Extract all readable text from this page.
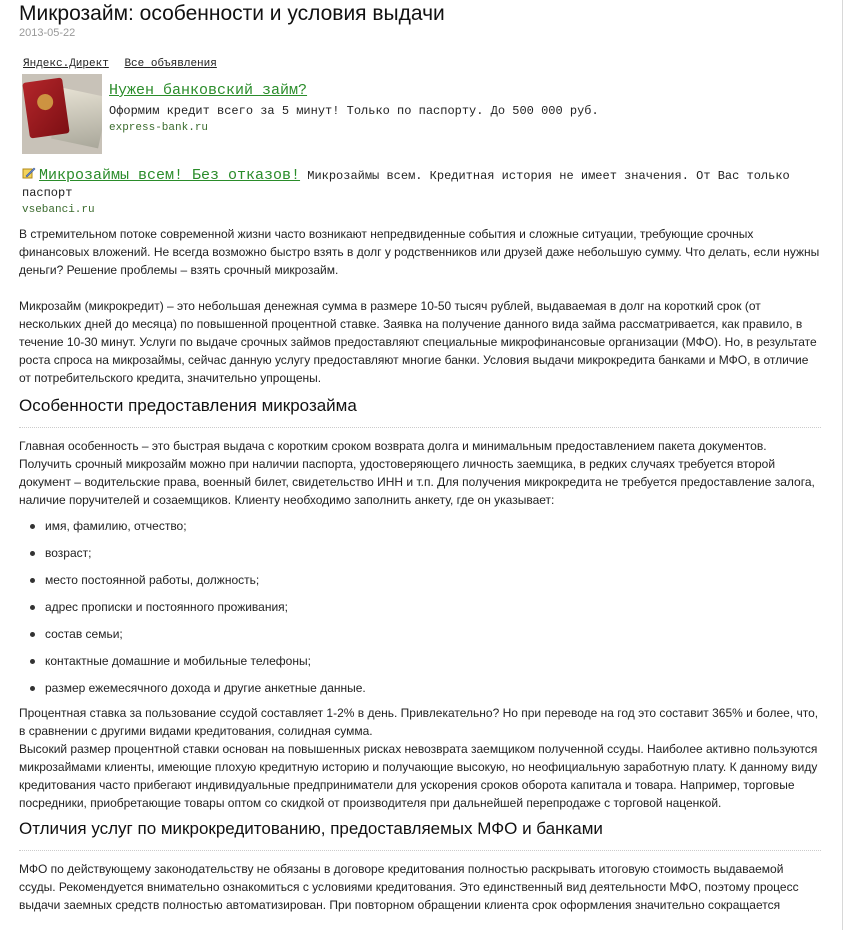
Микрозайм: особенности и условия выдачи
2013-05-22
Яндекс.Директ Все объявления
Нужен банковский займ?
Оформим кредит всего за 5 минут! Только по паспорту. До 500 000 руб.
express-bank.ru
Микрозаймы всем! Без отказов! Микрозаймы всем. Кредитная история не имеет значения. От Вас только паспорт
vsebanci.ru

В стремительном потоке современной жизни часто возникают непредвиденные события и сложные ситуации, требующие срочных финансовых вложений. Не всегда возможно быстро взять в долг у родственников или друзей даже небольшую сумму. Что делать, если нужны деньги? Решение проблемы – взять срочный микрозайм.

Микрозайм (микрокредит) – это небольшая денежная сумма в размере 10-50 тысяч рублей, выдаваемая в долг на короткий срок (от нескольких дней до месяца) по повышенной процентной ставке. Заявка на получение данного вида займа рассматривается, как правило, в течение 10-30 минут. Услуги по выдаче срочных займов предоставляют специальные микрофинансовые организации (МФО). Но, в результате роста спроса на микрозаймы, сейчас данную услугу предоставляют многие банки. Условия выдачи микрокредита банками и МФО, в отличие от потребительского кредита, значительно упрощены.

Особенности предоставления микрозайма

Главная особенность – это быстрая выдача с коротким сроком возврата долга и минимальным предоставлением пакета документов. Получить срочный микрозайм можно при наличии паспорта, удостоверяющего личность заемщика, в редких случаях требуется второй документ – водительские права, военный билет, свидетельство ИНН и т.п. Для получения микрокредита не требуется предоставление залога, наличие поручителей и созаемщиков. Клиенту необходимо заполнить анкету, где он указывает:

имя, фамилию, отчество;
возраст;
место постоянной работы, должность;
адрес прописки и постоянного проживания;
состав семьи;
контактные домашние и мобильные телефоны;
размер ежемесячного дохода и другие анкетные данные.

Процентная ставка за пользование ссудой составляет 1-2% в день. Привлекательно? Но при переводе на год это составит 365% и более, что, в сравнении с другими видами кредитования, солидная сумма.

Высокий размер процентной ставки основан на повышенных рисках невозврата заемщиком полученной ссуды. Наиболее активно пользуются микрозаймами клиенты, имеющие плохую кредитную историю и получающие высокую, но неофициальную заработную плату. К данному виду кредитования часто прибегают индивидуальные предприниматели для ускорения сроков оборота капитала и товара. Например, торговые посредники, приобретающие товары оптом со скидкой от производителя при дальнейшей перепродаже с торговой наценкой.

Отличия услуг по микрокредитованию, предоставляемых МФО и банками

МФО по действующему законодательству не обязаны в договоре кредитования полностью раскрывать итоговую стоимость выдаваемой ссуды. Рекомендуется внимательно ознакомиться с условиями кредитования. Это единственный вид деятельности МФО, поэтому процесс выдачи заемных средств полностью автоматизирован. При повторном обращении клиента срок оформления значительно сокращается
